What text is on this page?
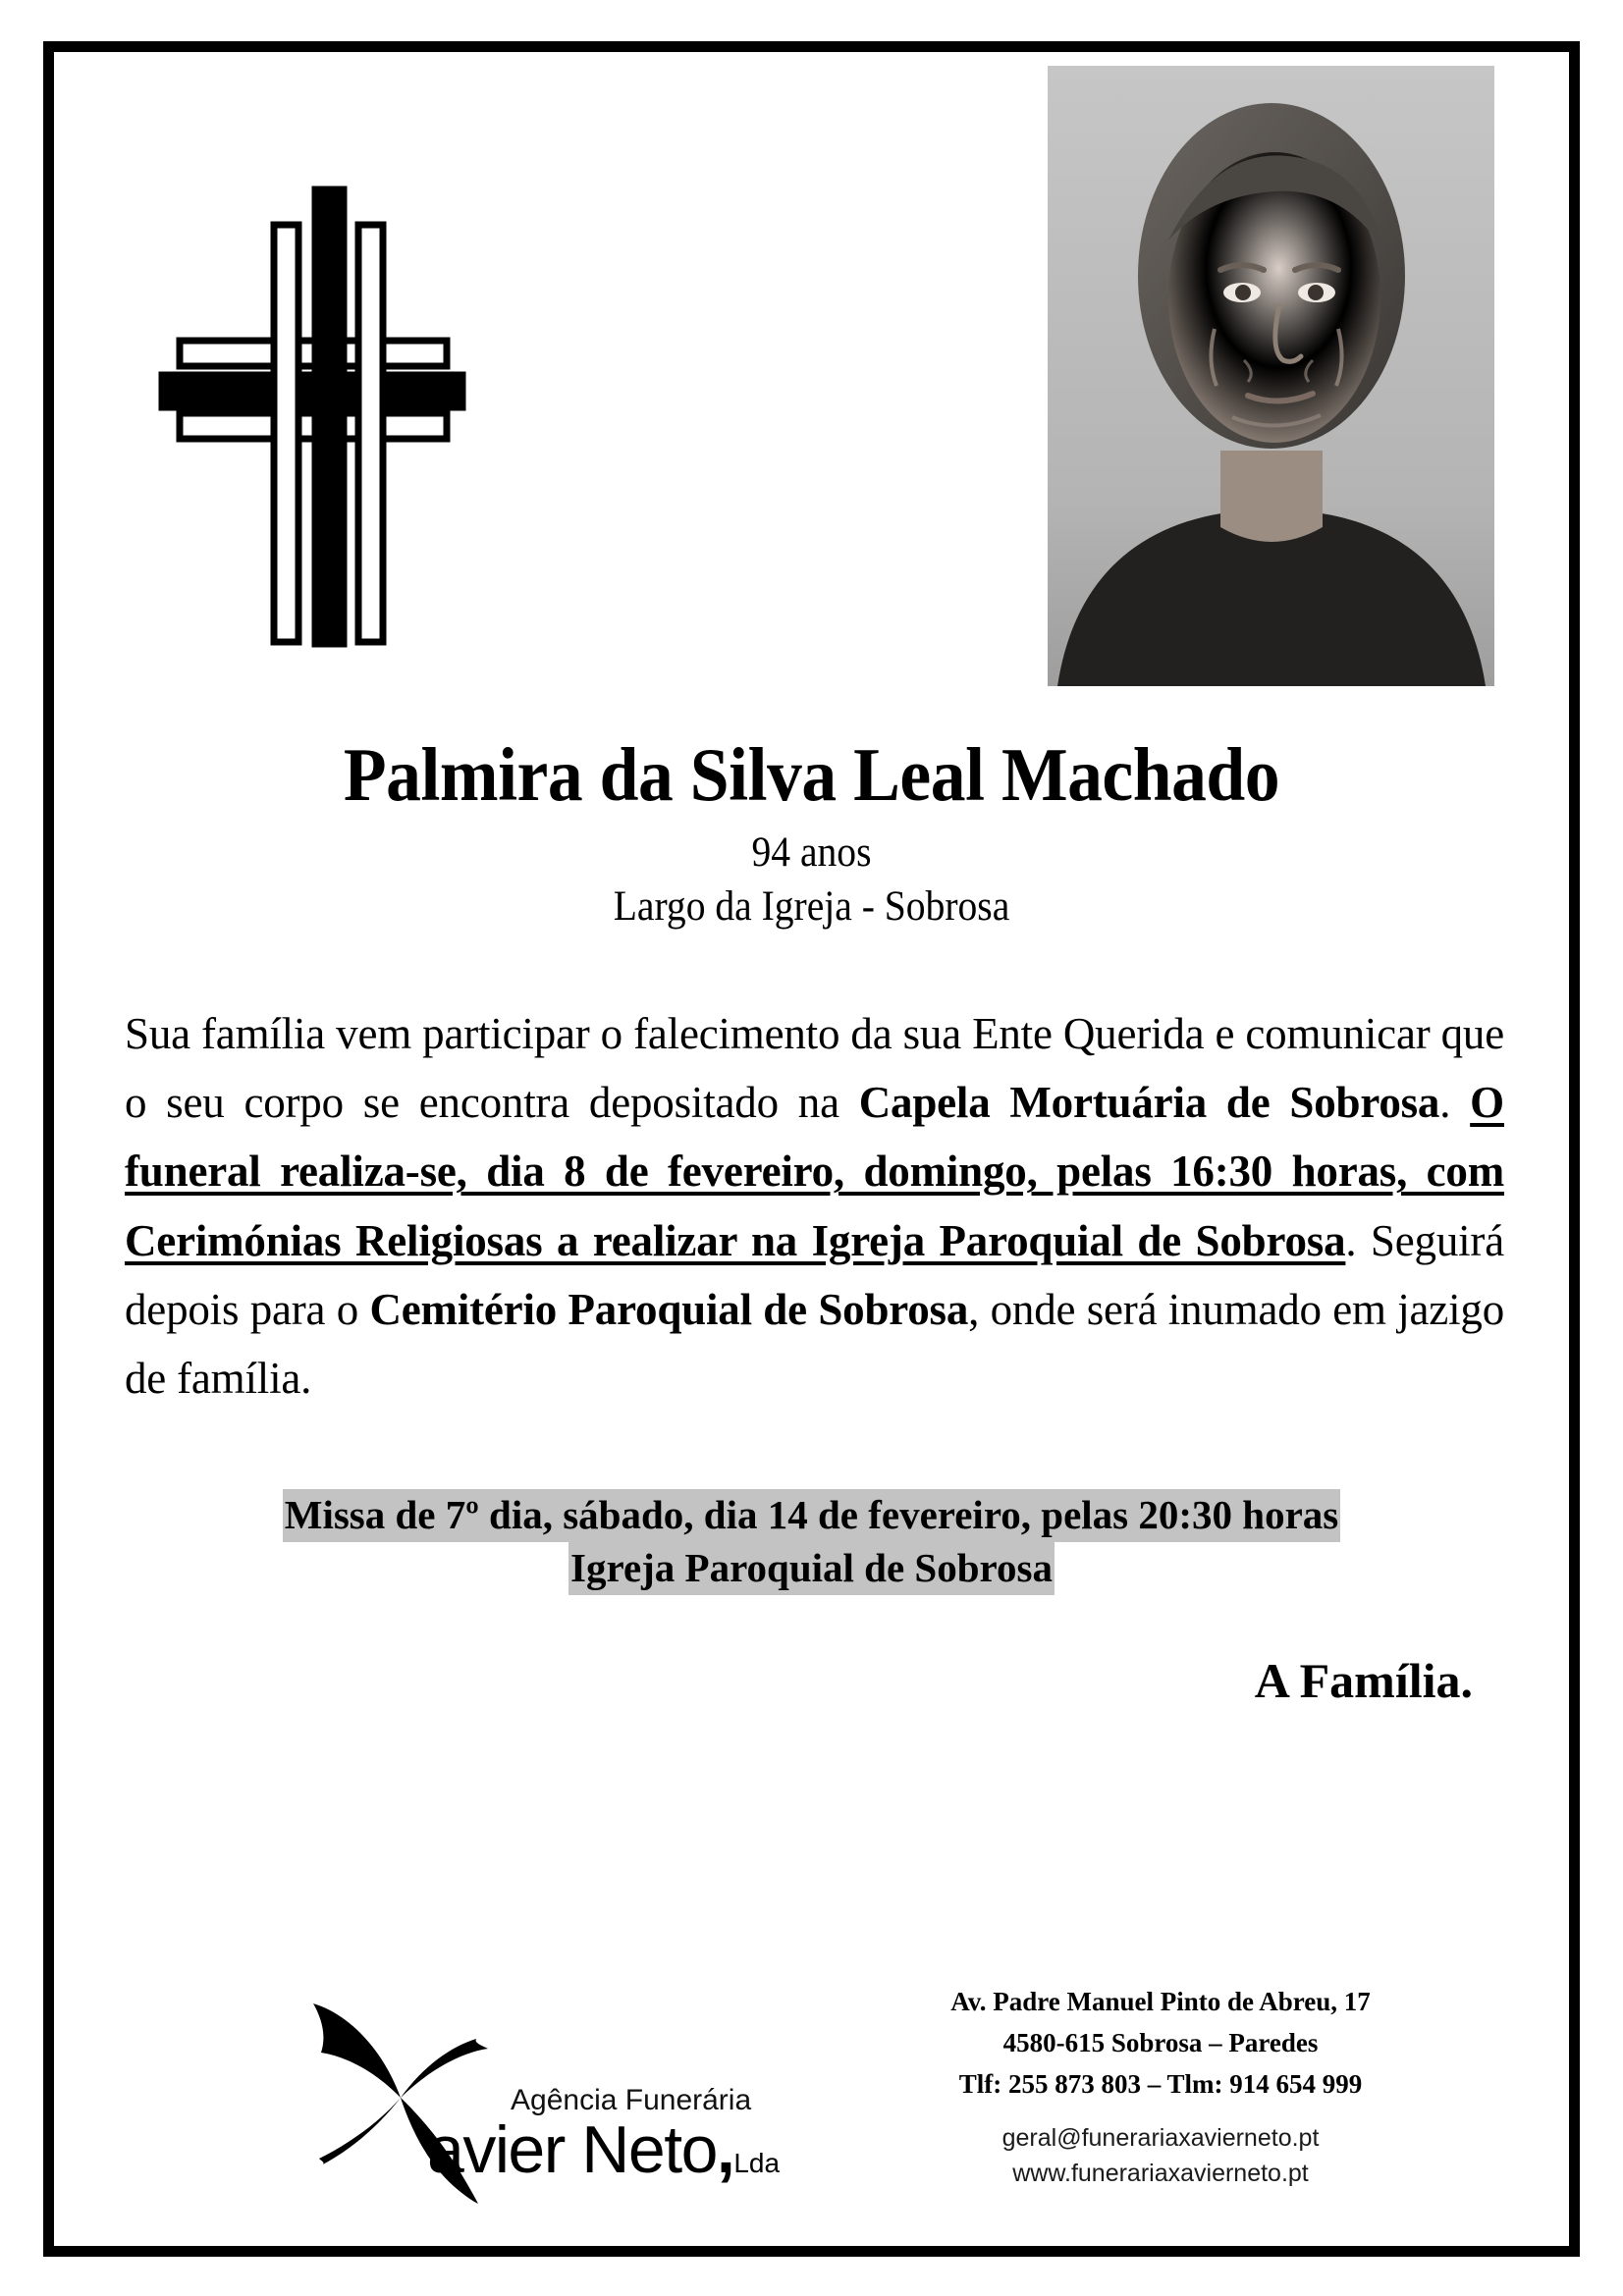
Palmira da Silva Leal Machado
94 anos
Largo da Igreja - Sobrosa
Sua família vem participar o falecimento da sua Ente Querida e comunicar que o seu corpo se encontra depositado na Capela Mortuária de Sobrosa. O funeral realiza-se, dia 8 de fevereiro, domingo, pelas 16:30 horas, com Cerimónias Religiosas a realizar na Igreja Paroquial de Sobrosa. Seguirá depois para o Cemitério Paroquial de Sobrosa, onde será inumado em jazigo de família.
Missa de 7º dia, sábado, dia 14 de fevereiro, pelas 20:30 horas
Igreja Paroquial de Sobrosa
A Família.
Agência Funerária
avier Neto,Lda
Av. Padre Manuel Pinto de Abreu, 17
4580-615 Sobrosa – Paredes
Tlf: 255 873 803 – Tlm: 914 654 999
geral@funerariaxavierneto.pt
www.funerariaxavierneto.pt
